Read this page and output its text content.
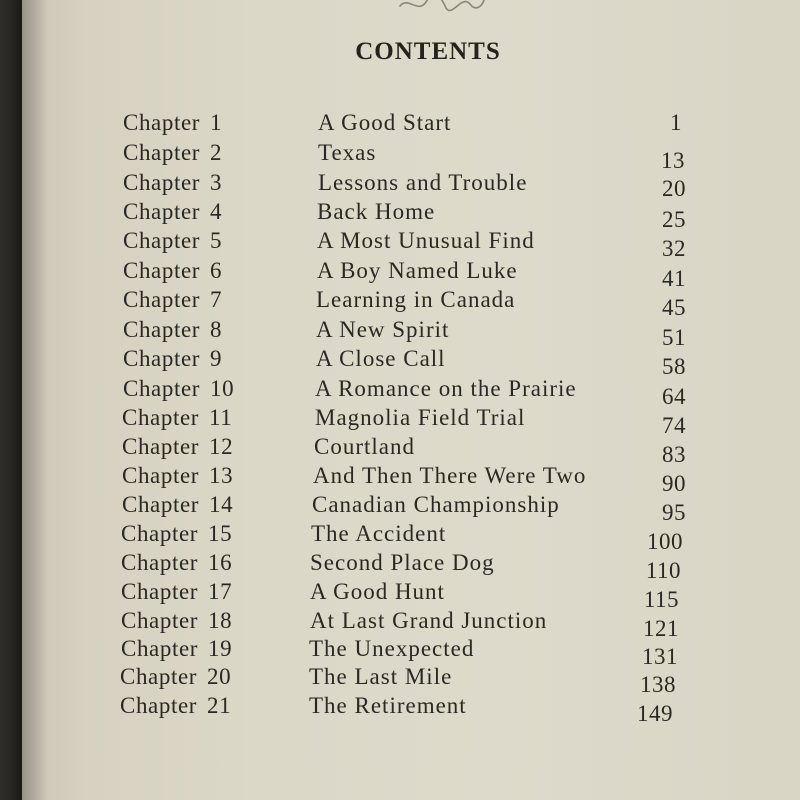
CONTENTS
Chapter 1	A Good Start	1
Chapter 2	Texas	13
Chapter 3	Lessons and Trouble	20
Chapter 4	Back Home	25
Chapter 5	A Most Unusual Find	32
Chapter 6	A Boy Named Luke	41
Chapter 7	Learning in Canada	45
Chapter 8	A New Spirit	51
Chapter 9	A Close Call	58
Chapter 10	A Romance on the Prairie	64
Chapter 11	Magnolia Field Trial	74
Chapter 12	Courtland	83
Chapter 13	And Then There Were Two	90
Chapter 14	Canadian Championship	95
Chapter 15	The Accident	100
Chapter 16	Second Place Dog	110
Chapter 17	A Good Hunt	115
Chapter 18	At Last Grand Junction	121
Chapter 19	The Unexpected	131
Chapter 20	The Last Mile	138
Chapter 21	The Retirement	149
